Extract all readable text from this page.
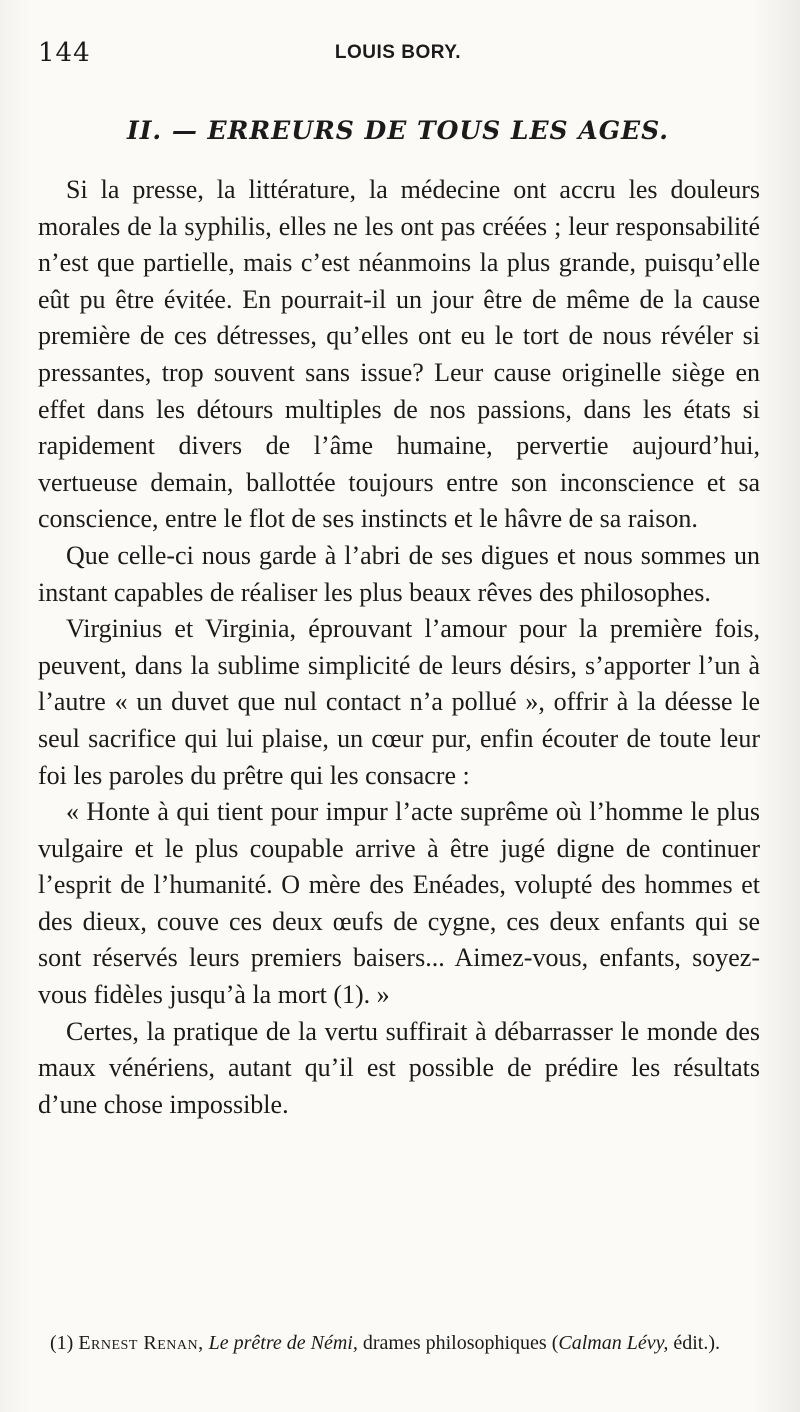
144	LOUIS BORY.
II. — ERREURS DE TOUS LES AGES.

Si la presse, la littérature, la médecine ont accru les douleurs morales de la syphilis, elles ne les ont pas créées ; leur responsabilité n’est que partielle, mais c’est néanmoins la plus grande, puisqu’elle eût pu être évitée. En pourrait-il un jour être de même de la cause première de ces détresses, qu’elles ont eu le tort de nous révéler si pressantes, trop souvent sans issue? Leur cause originelle siège en effet dans les détours multiples de nos passions, dans les états si rapidement divers de l’âme humaine, pervertie aujourd’hui, vertueuse demain, ballottée toujours entre son inconscience et sa conscience, entre le flot de ses instincts et le hâvre de sa raison.

Que celle-ci nous garde à l’abri de ses digues et nous sommes un instant capables de réaliser les plus beaux rêves des philosophes.

Virginius et Virginia, éprouvant l’amour pour la première fois, peuvent, dans la sublime simplicité de leurs désirs, s’apporter l’un à l’autre « un duvet que nul contact n’a pollué », offrir à la déesse le seul sacrifice qui lui plaise, un cœur pur, enfin écouter de toute leur foi les paroles du prêtre qui les consacre :

« Honte à qui tient pour impur l’acte suprême où l’homme le plus vulgaire et le plus coupable arrive à être jugé digne de continuer l’esprit de l’humanité. O mère des Enéades, volupté des hommes et des dieux, couve ces deux œufs de cygne, ces deux enfants qui se sont réservés leurs premiers baisers... Aimez-vous, enfants, soyez-vous fidèles jusqu’à la mort (1). »

Certes, la pratique de la vertu suffirait à débarrasser le monde des maux vénériens, autant qu’il est possible de prédire les résultats d’une chose impossible.

(1) Ernest Renan, Le prêtre de Némi, drames philosophiques (Calman Lévy, édit.).
